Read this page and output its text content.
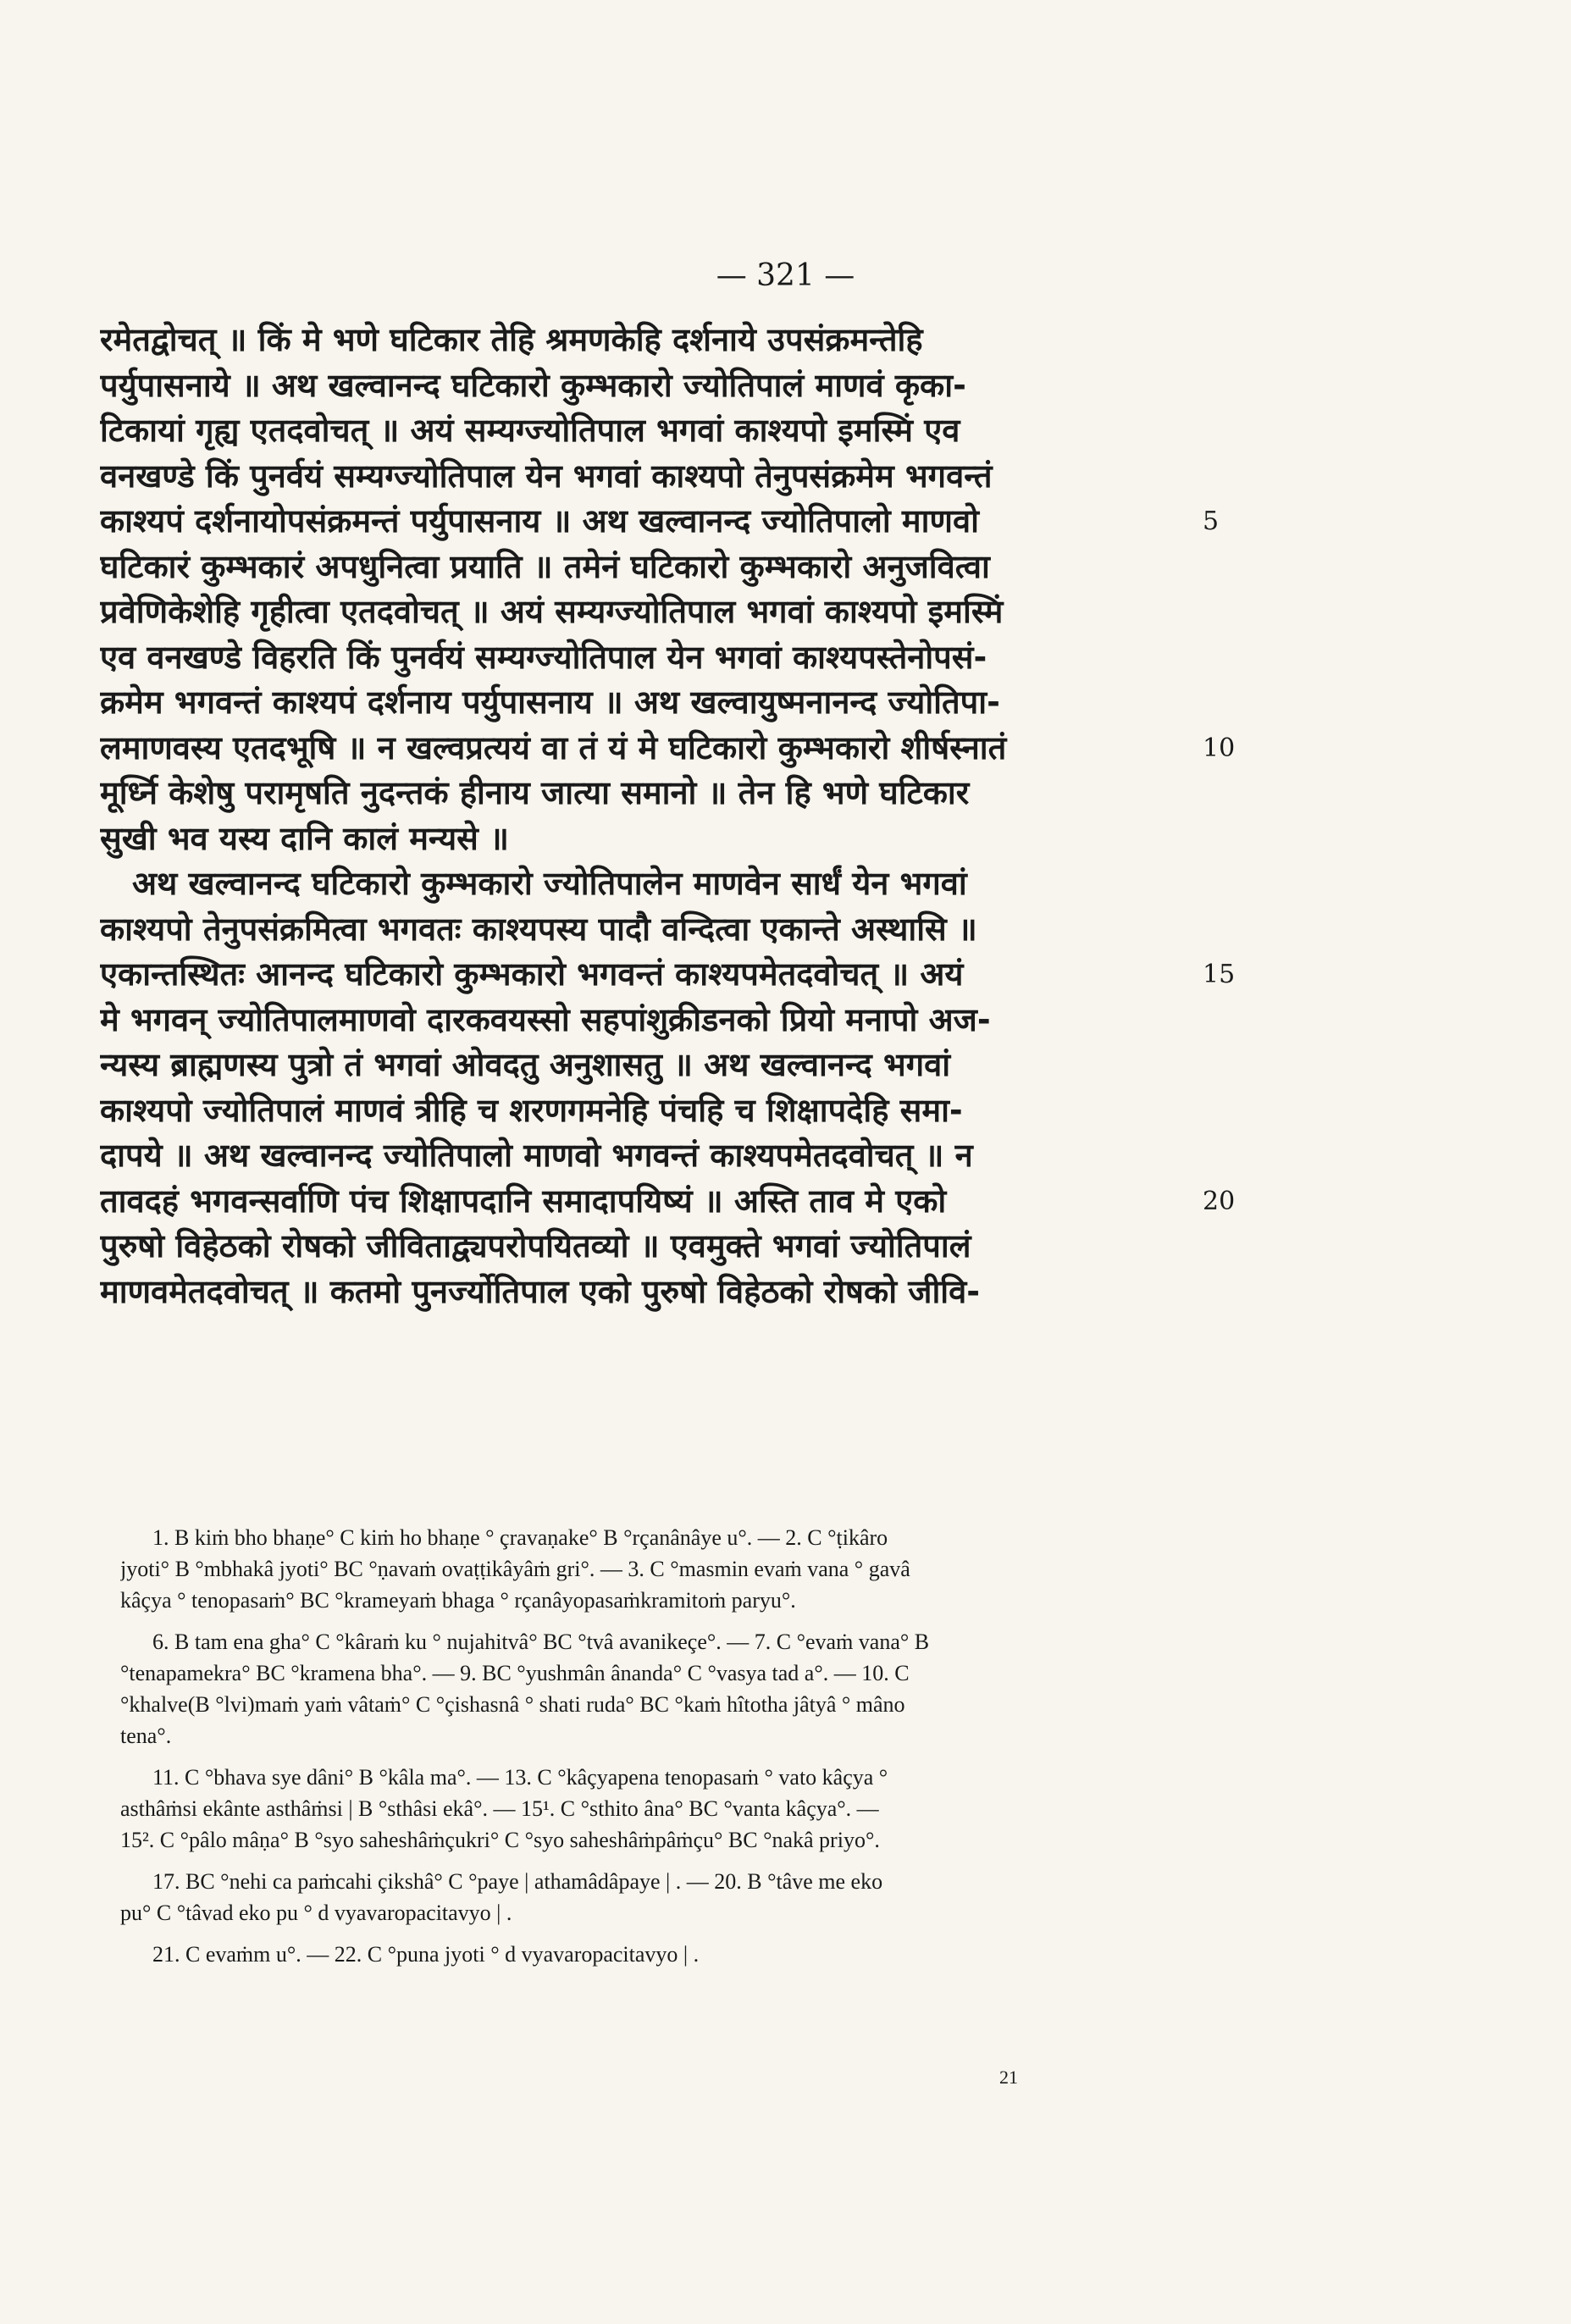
— 321 —
रमेतद्वोचत् ॥ किं मे भणे घटिकार तेहि श्रमणकेहि दर्शनाये उपसंक्रमन्तेहि
पर्युपासनाये ॥ अथ खल्वानन्द घटिकारो कुम्भकारो ज्योतिपालं माणवं कृका-
टिकायां गृह्य एतदवोचत् ॥ अयं सम्यग्ज्योतिपाल भगवां काश्यपो इमस्मिं एव
वनखण्डे किं पुनर्वयं सम्यग्ज्योतिपाल येन भगवां काश्यपो तेनुपसंक्रमेम भगवन्तं
काश्यपं दर्शनायोपसंक्रमन्तं पर्युपासनाय ॥ अथ खल्वानन्द ज्योतिपालो माणवो
घटिकारं कुम्भकारं अपधुनित्वा प्रयाति ॥ तमेनं घटिकारो कुम्भकारो अनुजवित्वा
प्रवेणिकेशेहि गृहीत्वा एतदवोचत् ॥ अयं सम्यग्ज्योतिपाल भगवां काश्यपो इमस्मिं
एव वनखण्डे विहरति किं पुनर्वयं सम्यग्ज्योतिपाल येन भगवां काश्यपस्तेनोपसं-
क्रमेम भगवन्तं काश्यपं दर्शनाय पर्युपासनाय ॥ अथ खल्वायुष्मनानन्द ज्योतिपा-
लमाणवस्य एतदभूषि ॥ न खल्वप्रत्ययं वा तं यं मे घटिकारो कुम्भकारो शीर्षस्नातं
मूर्ध्नि केशेषु परामृषति नुदन्तकं हीनाय जात्या समानो ॥ तेन हि भणे घटिकार
सुखी भव यस्य दानि कालं मन्यसे ॥
अथ खल्वानन्द घटिकारो कुम्भकारो ज्योतिपालेन माणवेन सार्धं येन भगवां
काश्यपो तेनुपसंक्रमित्वा भगवतः काश्यपस्य पादौ वन्दित्वा एकान्ते अस्थासि ॥
एकान्तस्थितः आनन्द घटिकारो कुम्भकारो भगवन्तं काश्यपमेतदवोचत् ॥ अयं
मे भगवन् ज्योतिपालमाणवो दारकवयस्सो सहपांशुक्रीडनको प्रियो मनापो अज-
न्यस्य ब्राह्मणस्य पुत्रो तं भगवां ओवदतु अनुशासतु ॥ अथ खल्वानन्द भगवां
काश्यपो ज्योतिपालं माणवं त्रीहि च शरणगमनेहि पंचहि च शिक्षापदेहि समा-
दापये ॥ अथ खल्वानन्द ज्योतिपालो माणवो भगवन्तं काश्यपमेतदवोचत् ॥ न
तावदहं भगवन्सर्वाणि पंच शिक्षापदानि समादापयिष्यं ॥ अस्ति ताव मे एको
पुरुषो विहेठको रोषको जीविताद्व्यपरोपयितव्यो ॥ एवमुक्ते भगवां ज्योतिपालं
माणवमेतदवोचत् ॥ कतमो पुनर्ज्योतिपाल एको पुरुषो विहेठको रोषको जीवि-
5
10
15
20
1. B kiṁ bho bhaṇe° C kiṁ ho bhaṇe ° çravaṇake° B °rçanânâye u°. — 2. C °ṭikâro
jyoti° B °mbhakâ jyoti° BC °ṇavaṁ ovaṭṭikâyâṁ gri°. — 3. C °masmin evaṁ vana ° gavâ
kâçya ° tenopasaṁ° BC °krameyaṁ bhaga ° rçanâyopasaṁkramitoṁ paryu°.
6. B tam ena gha° C °kâraṁ ku ° nujahitvâ° BC °tvâ avanikeçe°. — 7. C °evaṁ vana° B
°tenapamekra° BC °kramena bha°. — 9. BC °yushmân ânanda° C °vasya tad a°. — 10. C
°khalve(B °lvi)maṁ yaṁ vâtaṁ° C °çishasnâ ° shati ruda° BC °kaṁ hîtotha jâtyâ ° mâno
tena°.
11. C °bhava sye dâni° B °kâla ma°. — 13. C °kâçyapena tenopasaṁ ° vato kâçya °
asthâṁsi ekânte asthâṁsi | B °sthâsi ekâ°. — 15¹. C °sthito âna° BC °vanta kâçya°. —
15². C °pâlo mâṇa° B °syo saheshâṁçukri° C °syo saheshâṁpâṁçu° BC °nakâ priyo°.
17. BC °nehi ca paṁcahi çikshâ° C °paye | athamâdâpaye | . — 20. B °tâve me eko
pu° C °tâvad eko pu ° d vyavaropacitavyo | .
21. C evaṁm u°. — 22. C °puna jyoti ° d vyavaropacitavyo | .
21
